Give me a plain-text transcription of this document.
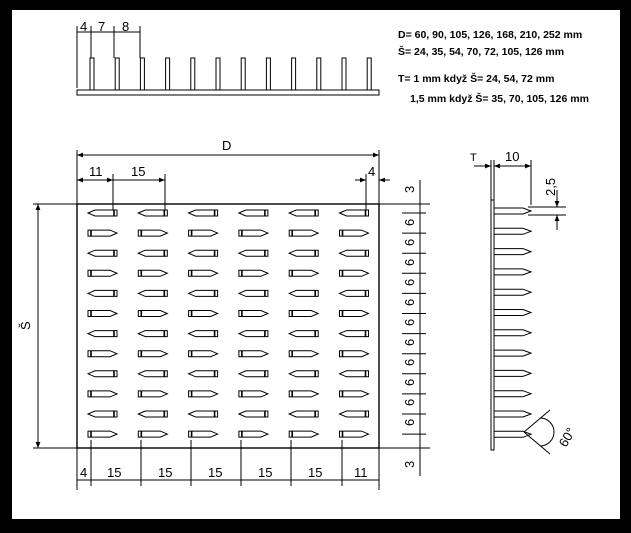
4 7 8
D= 60, 90, 105, 126, 168, 210, 252 mm
Š= 24, 35, 54, 70, 72, 105, 126 mm
T= 1 mm když Š= 24, 54, 72 mm
1,5 mm když Š= 35, 70, 105, 126 mm
D
Š
11 15	4
4 15	15	15	15	15 11
3
6
6
6
6
6
6
6
6
6
6
6
3
T 10
2,5
60°
